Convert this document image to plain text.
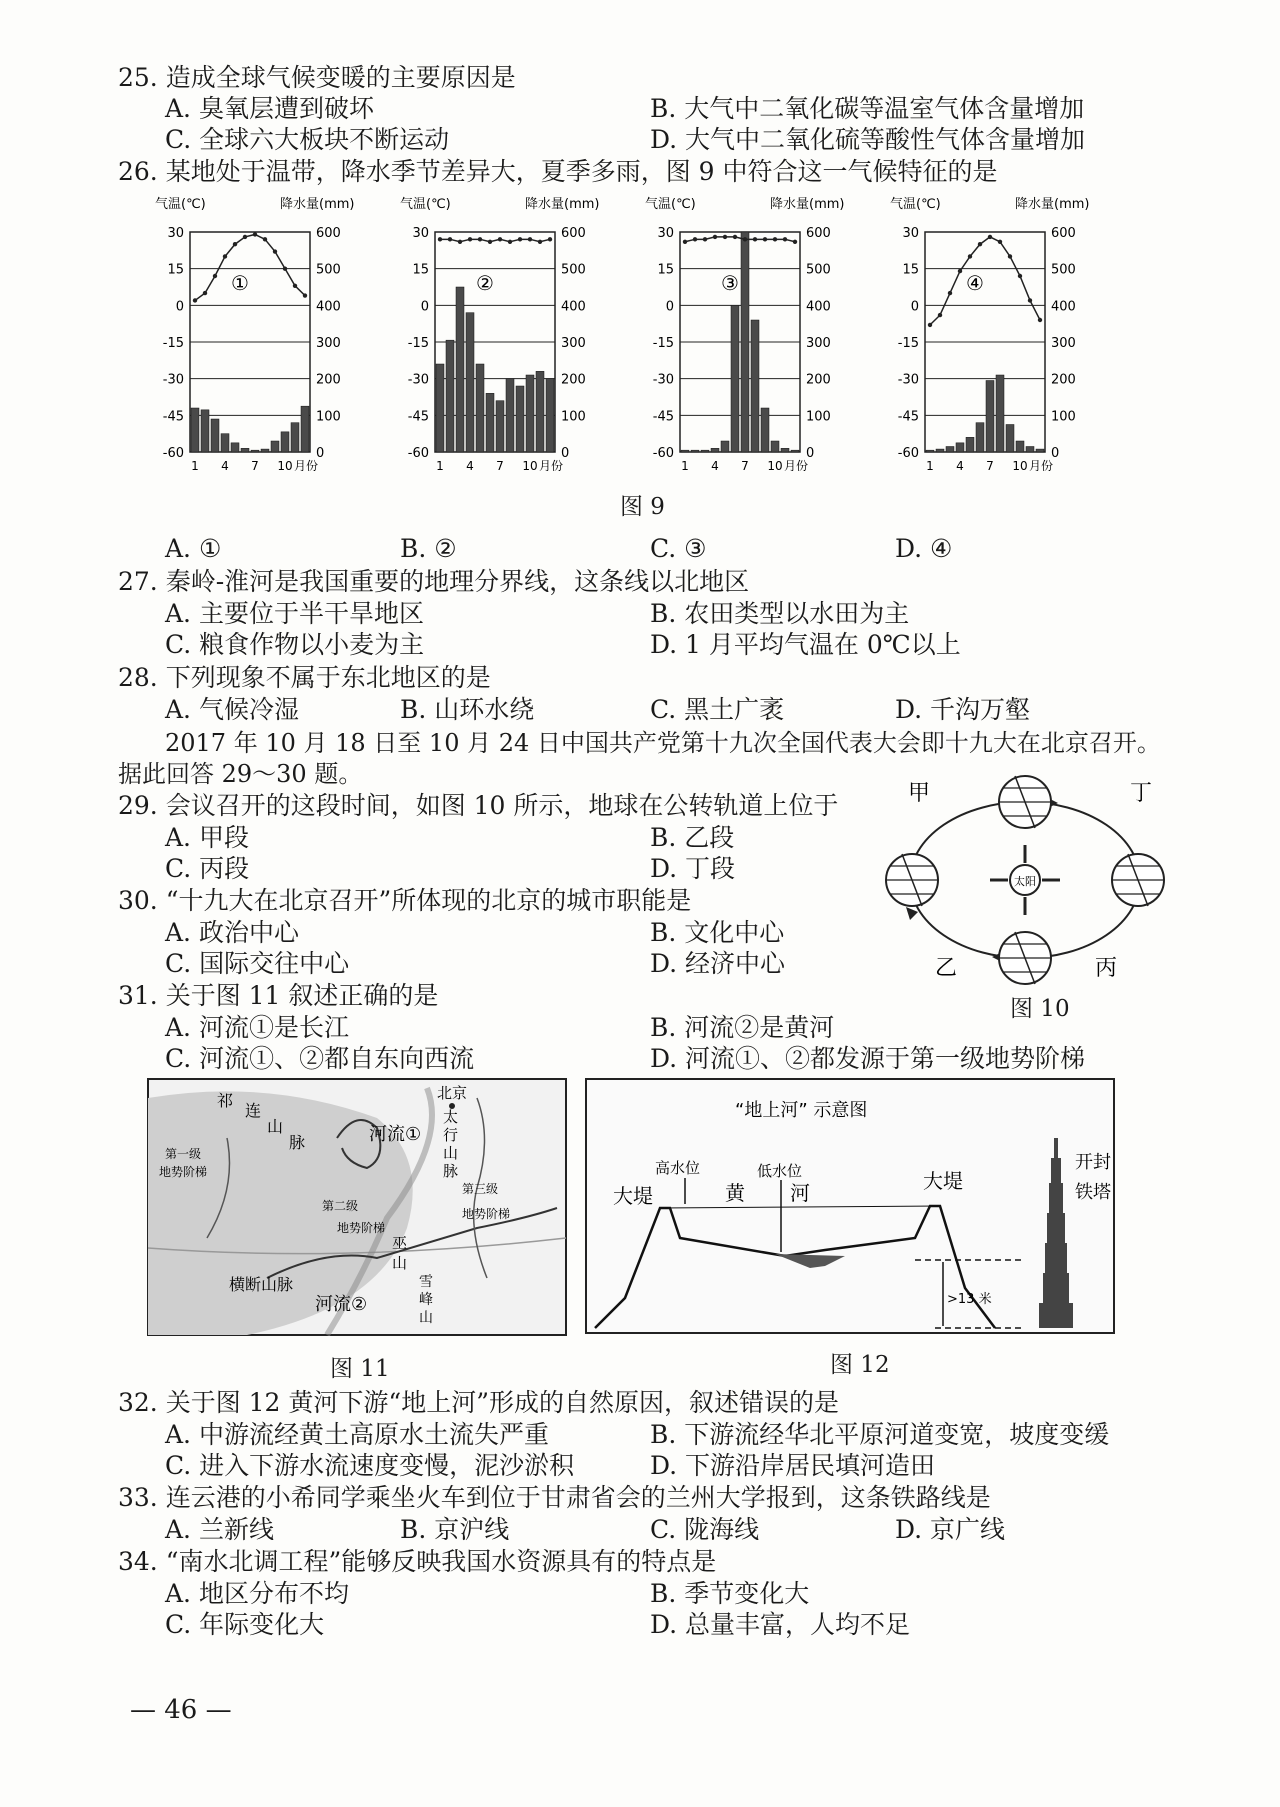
25. 造成全球气候变暖的主要原因是
A. 臭氧层遭到破坏	B. 大气中二氧化碳等温室气体含量增加
C. 全球六大板块不断运动	D. 大气中二氧化硫等酸性气体含量增加
26. 某地处于温带，降水季节差异大，夏季多雨，图 9 中符合这一气候特征的是
气温(℃)	降水量(mm)
30	600
15	500
0	400
-15	300
-30	200
-45	100
-60	0
①
1 4 7 10 月份
气温(℃)	降水量(mm)
30	600
15	500
0	400
-15	300
-30	200
-45	100
-60	0
②
1 4 7 10 月份
气温(℃)	降水量(mm)
30	600
15	500
0	400
-15	300
-30	200
-45	100
-60	0
③
1 4 7 10 月份
气温(℃)	降水量(mm)
30	600
15	500
0	400
-15	300
-30	200
-45	100
-60	0
④
1 4 7 10 月份
图 9
A. ①	B. ②	C. ③	D. ④
27. 秦岭-淮河是我国重要的地理分界线，这条线以北地区
A. 主要位于半干旱地区	B. 农田类型以水田为主
C. 粮食作物以小麦为主	D. 1 月平均气温在 0℃以上
28. 下列现象不属于东北地区的是
A. 气候冷湿	B. 山环水绕	C. 黑土广袤	D. 千沟万壑
2017 年 10 月 18 日至 10 月 24 日中国共产党第十九次全国代表大会即十九大在北京召开。
据此回答 29～30 题。
29. 会议召开的这段时间，如图 10 所示，地球在公转轨道上位于
A. 甲段	B. 乙段
C. 丙段	D. 丁段
30. “十九大在北京召开”所体现的北京的城市职能是
A. 政治中心	B. 文化中心
C. 国际交往中心	D. 经济中心
太阳
甲	丁
乙	丙
图 10
31. 关于图 11 叙述正确的是
A. 河流①是长江	B. 河流②是黄河
C. 河流①、②都自东向西流	D. 河流①、②都发源于第一级地势阶梯
祁
连
山
脉
北京
太
行
山
脉
河流①
第一级
地势阶梯
第二级
地势阶梯
第三级
地势阶梯
巫
山
雪
峰
山
横断山脉
河流②
图 11
“地上河” 示意图
>13 米
高水位	低水位
大堤
大堤
黄 河
开封
铁塔
图 12
32. 关于图 12 黄河下游“地上河”形成的自然原因，叙述错误的是
A. 中游流经黄土高原水土流失严重	B. 下游流经华北平原河道变宽，坡度变缓
C. 进入下游水流速度变慢，泥沙淤积	D. 下游沿岸居民填河造田
33. 连云港的小希同学乘坐火车到位于甘肃省会的兰州大学报到，这条铁路线是
A. 兰新线	B. 京沪线	C. 陇海线	D. 京广线
34. “南水北调工程”能够反映我国水资源具有的特点是
A. 地区分布不均	B. 季节变化大
C. 年际变化大	D. 总量丰富，人均不足
— 46 —
